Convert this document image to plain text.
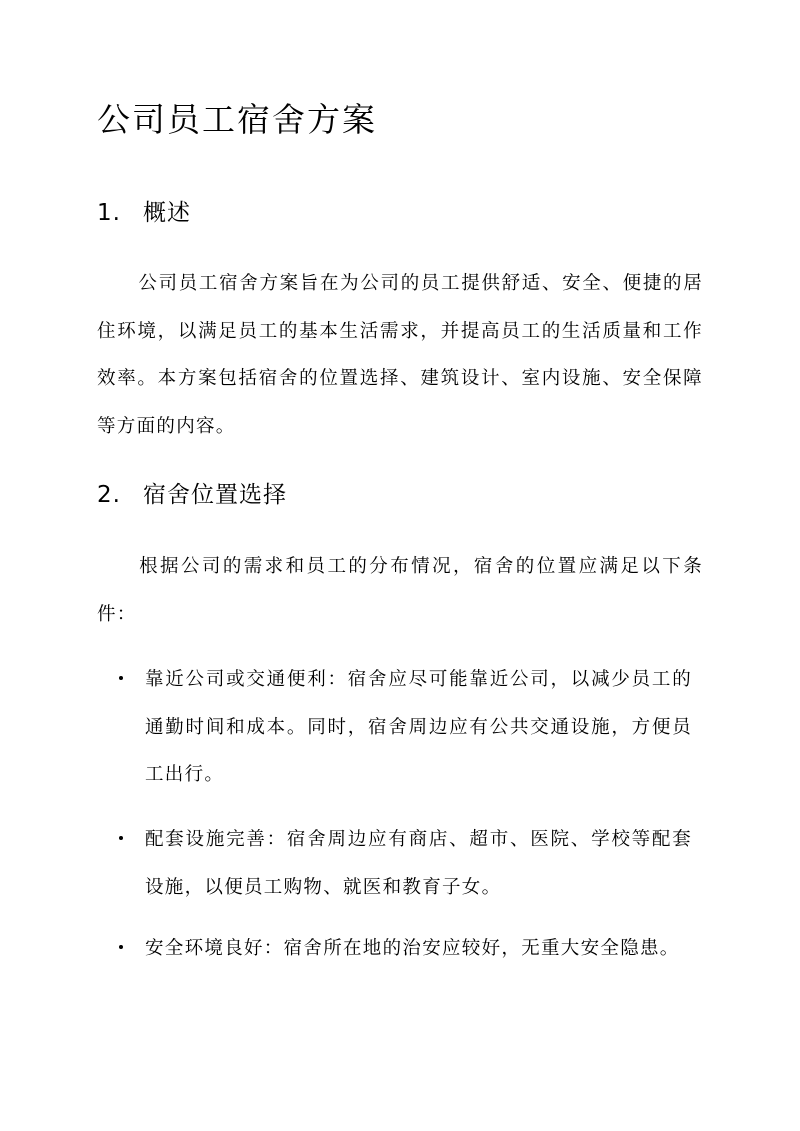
公司员工宿舍方案
1. 概述

公司员工宿舍方案旨在为公司的员工提供舒适、安全、便捷的居住环境，以满足员工的基本生活需求，并提高员工的生活质量和工作效率。本方案包括宿舍的位置选择、建筑设计、室内设施、安全保障等方面的内容。

2. 宿舍位置选择

根据公司的需求和员工的分布情况，宿舍的位置应满足以下条件：

靠近公司或交通便利：宿舍应尽可能靠近公司，以减少员工的通勤时间和成本。同时，宿舍周边应有公共交通设施，方便员工出行。

配套设施完善：宿舍周边应有商店、超市、医院、学校等配套设施，以便员工购物、就医和教育子女。

安全环境良好：宿舍所在地的治安应较好，无重大安全隐患。
